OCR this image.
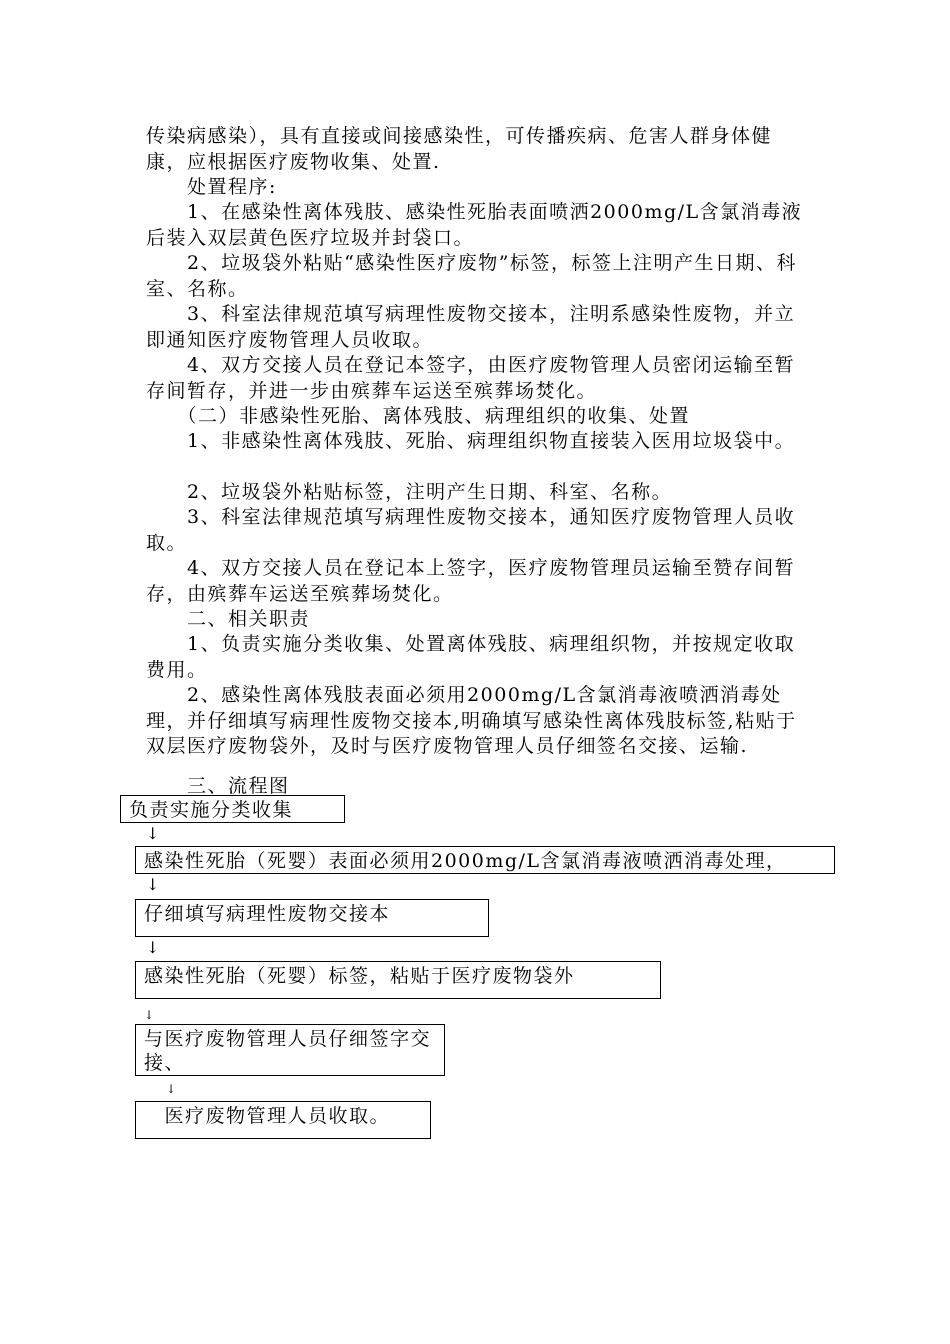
传染病感染），具有直接或间接感染性，可传播疾病、危害人群身体健康，应根据医疗废物收集、处置.

　　处置程序:

　　1、在感染性离体残肢、感染性死胎表面喷洒2000mg/L含氯消毒液后装入双层黄色医疗垃圾并封袋口。

　　2、垃圾袋外粘贴“感染性医疗废物”标签，标签上注明产生日期、科室、名称。

　　3、科室法律规范填写病理性废物交接本，注明系感染性废物，并立即通知医疗废物管理人员收取。

　　4、双方交接人员在登记本签字，由医疗废物管理人员密闭运输至暂存间暂存，并进一步由殡葬车运送至殡葬场焚化。

　　（二）非感染性死胎、离体残肢、病理组织的收集、处置

　　1、非感染性离体残肢、死胎、病理组织物直接装入医用垃圾袋中。

　　2、垃圾袋外粘贴标签，注明产生日期、科室、名称。

　　3、科室法律规范填写病理性废物交接本，通知医疗废物管理人员收取。

　　4、双方交接人员在登记本上签字，医疗废物管理员运输至赞存间暂存，由殡葬车运送至殡葬场焚化。

　　二、相关职责

　　1、负责实施分类收集、处置离体残肢、病理组织物，并按规定收取费用。

　　2、感染性离体残肢表面必须用2000mg/L含氯消毒液喷洒消毒处理，并仔细填写病理性废物交接本,明确填写感染性离体残肢标签,粘贴于双层医疗废物袋外，及时与医疗废物管理人员仔细签名交接、运输.

　　三、流程图

负责实施分类收集
↓
感染性死胎（死婴）表面必须用2000mg/L含氯消毒液喷洒消毒处理，
↓
仔细填写病理性废物交接本
↓
感染性死胎（死婴）标签，粘贴于医疗废物袋外
↓
与医疗废物管理人员仔细签字交接、
↓
　医疗废物管理人员收取。
